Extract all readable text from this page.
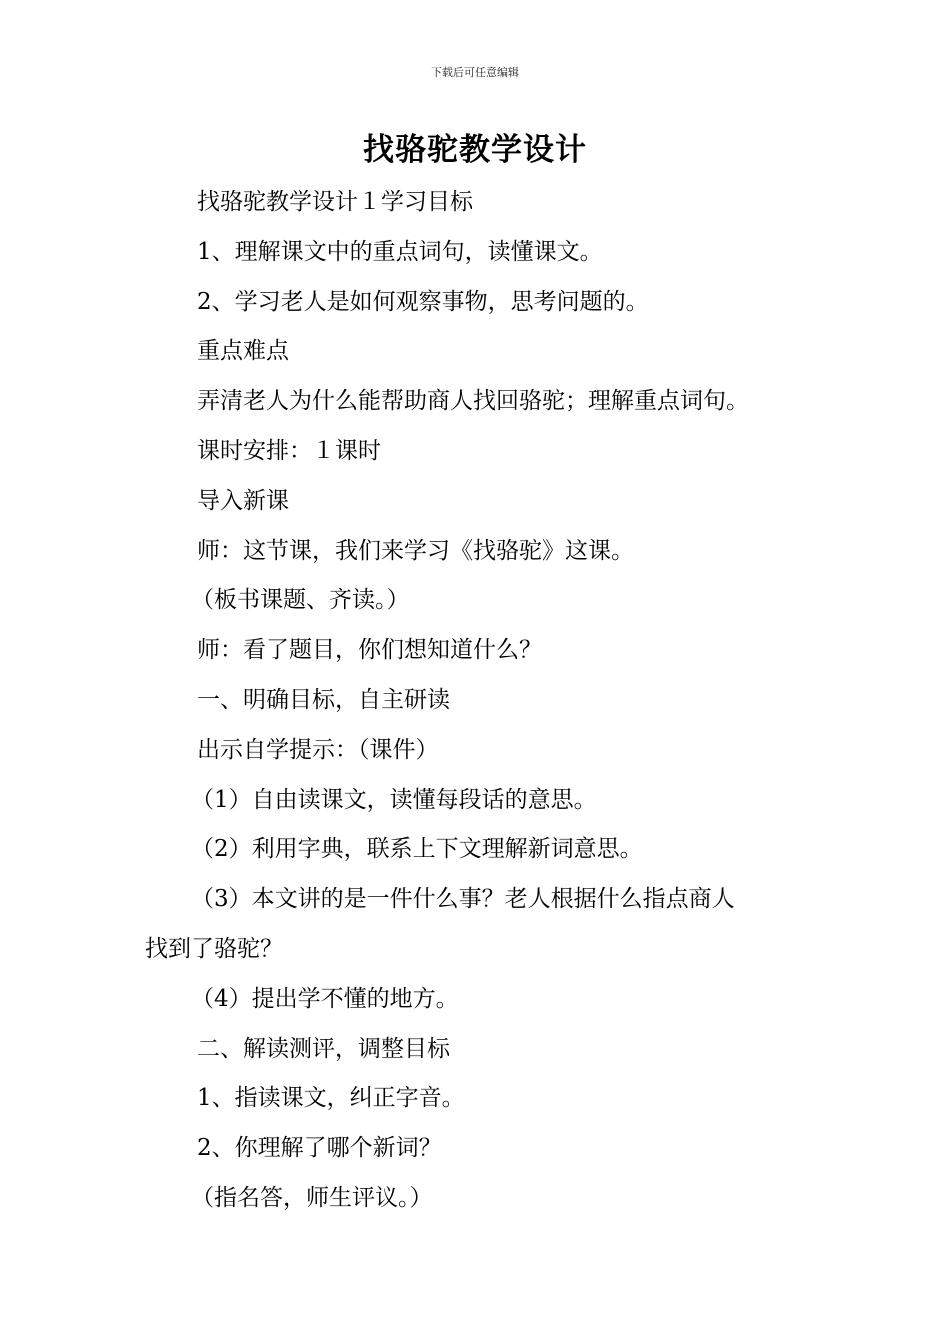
下载后可任意编辑
找骆驼教学设计
找骆驼教学设计１学习目标
1、理解课文中的重点词句，读懂课文。
2、学习老人是如何观察事物，思考问题的。
重点难点
弄清老人为什么能帮助商人找回骆驼；理解重点词句。
课时安排：１课时
导入新课
师：这节课，我们来学习《找骆驼》这课。
（板书课题、齐读。）
师：看了题目，你们想知道什么？
一、明确目标，自主研读
出示自学提示：（课件）
（1）自由读课文，读懂每段话的意思。
（2）利用字典，联系上下文理解新词意思。
（3）本文讲的是一件什么事？老人根据什么指点商人
找到了骆驼？
（4）提出学不懂的地方。
二、解读测评，调整目标
1、指读课文，纠正字音。
2、你理解了哪个新词？
（指名答，师生评议。）
